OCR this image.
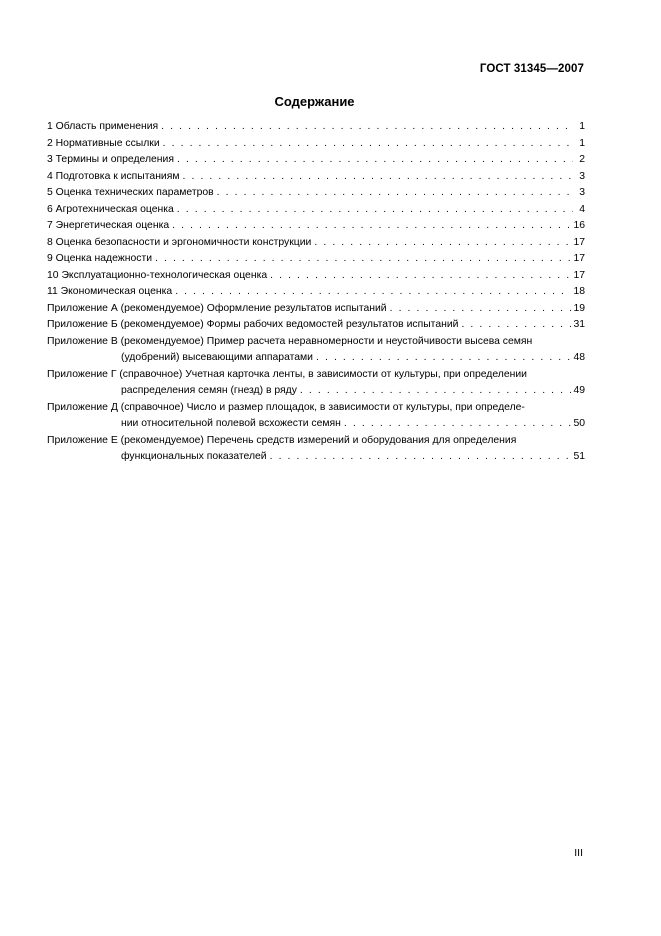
ГОСТ 31345—2007
Содержание
1 Область применения . . .	1
2 Нормативные ссылки . . .	1
3 Термины и определения . . .	2
4 Подготовка к испытаниям . . .	3
5 Оценка технических параметров . . .	3
6 Агротехническая оценка . . .	4
7 Энергетическая оценка . . .	16
8 Оценка безопасности и эргономичности конструкции . . .	17
9 Оценка надежности . . .	17
10 Эксплуатационно-технологическая оценка . . .	17
11 Экономическая оценка . . .	18
Приложение А (рекомендуемое) Оформление результатов испытаний . . .	19
Приложение Б (рекомендуемое) Формы рабочих ведомостей результатов испытаний . . .	31
Приложение В (рекомендуемое) Пример расчета неравномерности и неустойчивости высева семян
(удобрений) высевающими аппаратами . . .	48
Приложение Г (справочное) Учетная карточка ленты, в зависимости от культуры, при определении
распределения семян (гнезд) в ряду . . .	49
Приложение Д (справочное) Число и размер площадок, в зависимости от культуры, при определе-
нии относительной полевой всхожести семян . . .	50
Приложение Е (рекомендуемое) Перечень средств измерений и оборудования для определения
функциональных показателей . . .	51
III
